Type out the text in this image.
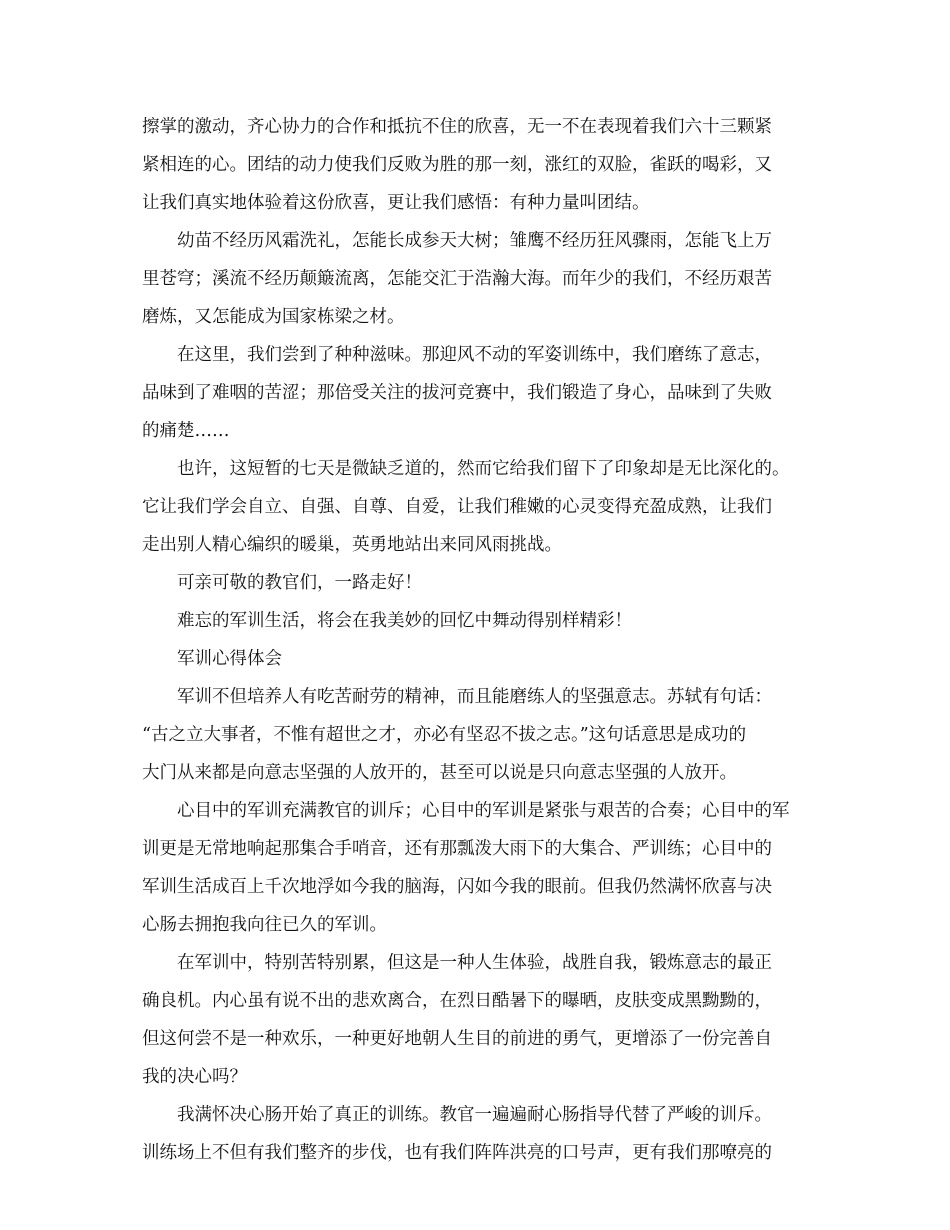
擦掌的激动，齐心协力的合作和抵抗不住的欣喜，无一不在表现着我们六十三颗紧
紧相连的心。团结的动力使我们反败为胜的那一刻，涨红的双脸，雀跃的喝彩，又
让我们真实地体验着这份欣喜，更让我们感悟：有种力量叫团结。
幼苗不经历风霜洗礼，怎能长成参天大树；雏鹰不经历狂风骤雨，怎能飞上万
里苍穹；溪流不经历颠簸流离，怎能交汇于浩瀚大海。而年少的我们，不经历艰苦
磨炼，又怎能成为国家栋梁之材。
在这里，我们尝到了种种滋味。那迎风不动的军姿训练中，我们磨练了意志，
品味到了难咽的苦涩；那倍受关注的拔河竞赛中，我们锻造了身心，品味到了失败
的痛楚……
也许，这短暂的七天是微缺乏道的，然而它给我们留下了印象却是无比深化的。
它让我们学会自立、自强、自尊、自爱，让我们稚嫩的心灵变得充盈成熟，让我们
走出别人精心编织的暖巢，英勇地站出来同风雨挑战。
可亲可敬的教官们，一路走好！
难忘的军训生活，将会在我美妙的回忆中舞动得别样精彩！
军训心得体会
军训不但培养人有吃苦耐劳的精神，而且能磨练人的坚强意志。苏轼有句话：
“古之立大事者，不惟有超世之才，亦必有坚忍不拔之志。”这句话意思是成功的
大门从来都是向意志坚强的人放开的，甚至可以说是只向意志坚强的人放开。
心目中的军训充满教官的训斥；心目中的军训是紧张与艰苦的合奏；心目中的军
训更是无常地响起那集合手哨音，还有那瓢泼大雨下的大集合、严训练；心目中的
军训生活成百上千次地浮如今我的脑海，闪如今我的眼前。但我仍然满怀欣喜与决
心肠去拥抱我向往已久的军训。
在军训中，特别苦特别累，但这是一种人生体验，战胜自我，锻炼意志的最正
确良机。内心虽有说不出的悲欢离合，在烈日酷暑下的曝晒，皮肤变成黑黝黝的，
但这何尝不是一种欢乐，一种更好地朝人生目的前进的勇气，更增添了一份完善自
我的决心吗？
我满怀决心肠开始了真正的训练。教官一遍遍耐心肠指导代替了严峻的训斥。
训练场上不但有我们整齐的步伐，也有我们阵阵洪亮的口号声，更有我们那嘹亮的
